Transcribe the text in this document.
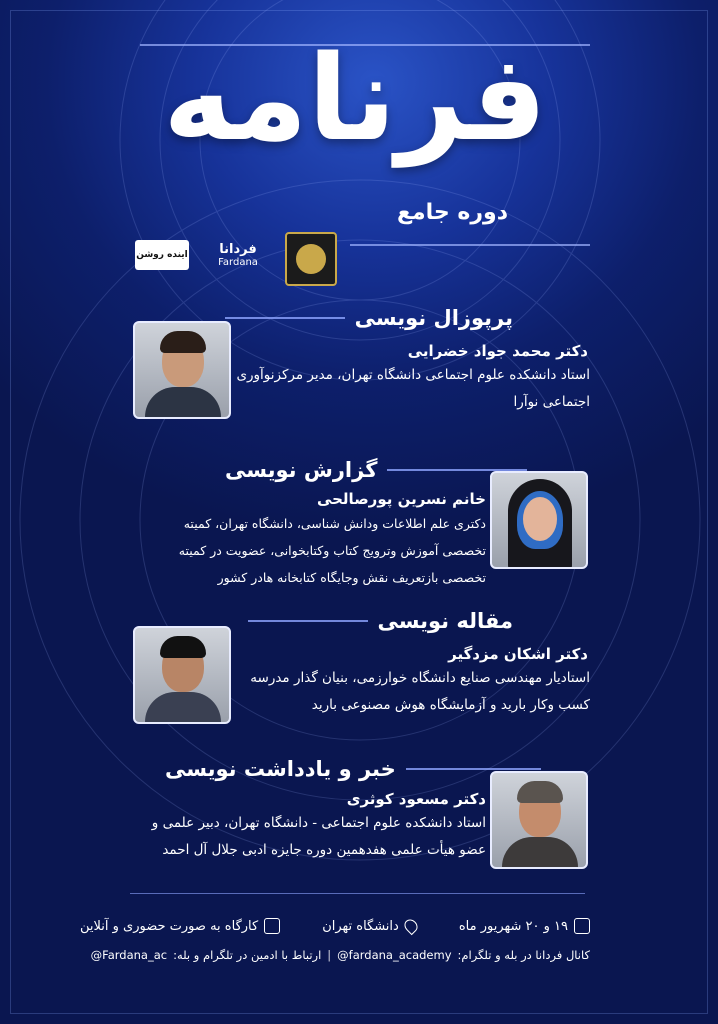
فرنامه
دوره جامع
اینده روشن	فردانا
Fardana
پرپوزال نویسی
دکتر محمد جواد خضرایی
استاد دانشکده علوم اجتماعی دانشگاه تهران، مدیر مرکزنوآوری اجتماعی نوآرا
گزارش نویسی
خانم نسرین پورصالحی
دکتری علم اطلاعات ودانش شناسی، دانشگاه تهران، کمیته تخصصی آموزش وترویج کتاب وکتابخوانی، عضویت در کمیته تخصصی بازتعریف نقش وجایگاه کتابخانه هادر کشور
مقاله نویسی
دکتر اشکان مزدگیر
استادیار مهندسی صنایع دانشگاه خوارزمی، بنیان گذار مدرسه کسب وکار بارید و آزمایشگاه هوش مصنوعی بارید
خبر و یادداشت نویسی
دکتر مسعود کوثری
استاد دانشکده علوم اجتماعی - دانشگاه تهران، دبیر علمی و عضو هیأت علمی هفدهمین دوره جایزه ادبی جلال آل احمد
۱۹ و ۲۰ شهریور ماه
دانشگاه تهران
کارگاه به صورت حضوری و آنلاین
کانال فردانا در بله و تلگرام:
@fardana_academy
|
ارتباط با ادمین در تلگرام و بله:
@Fardana_ac
